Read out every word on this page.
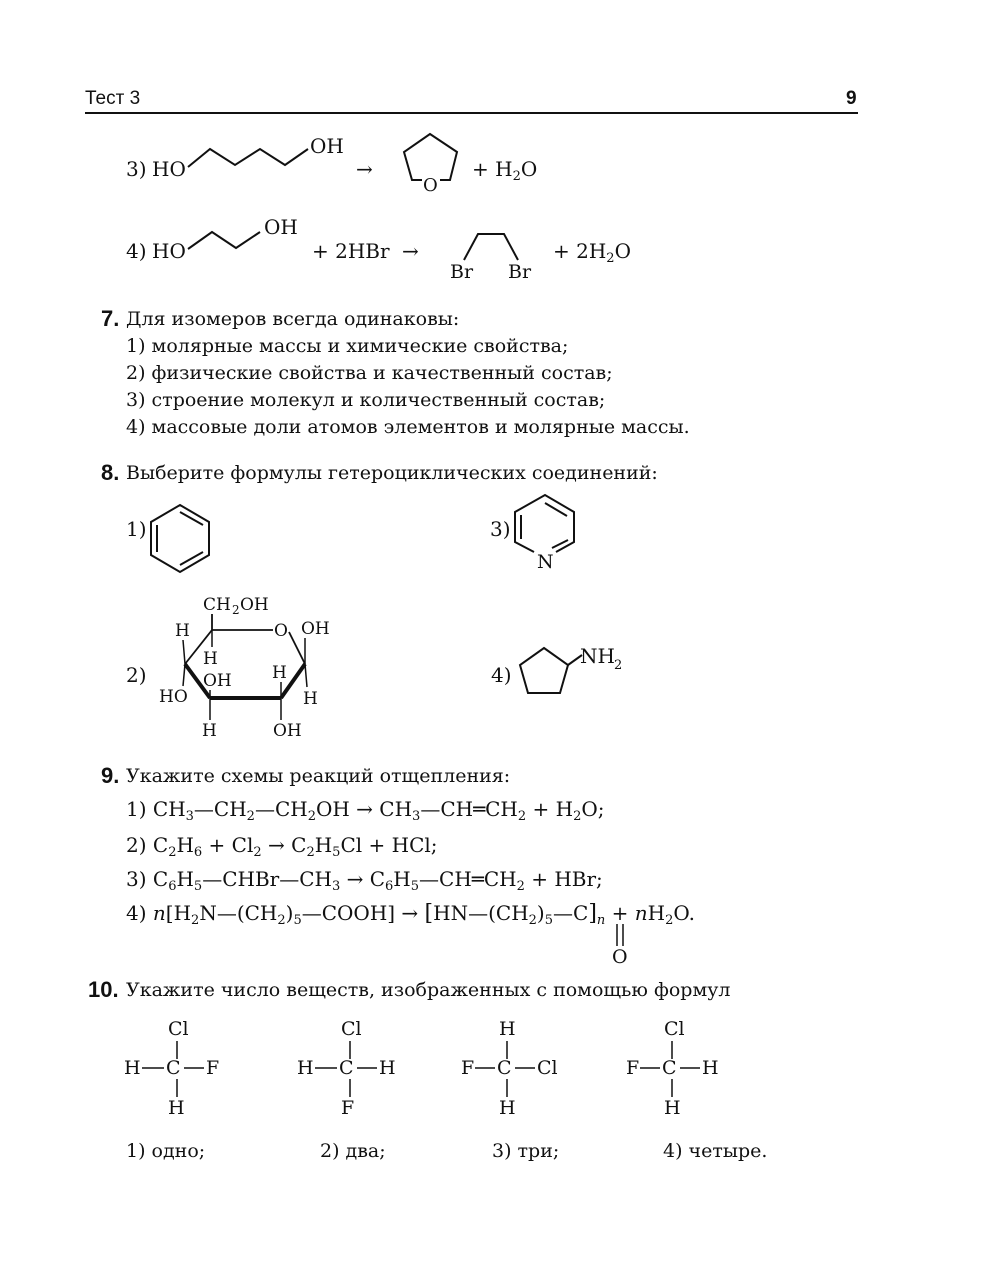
Тест 3	9
3) HO
OH
→
O
+ $H_2O$
4) HO
OH
+ 2HBr →
Br Br
+ $2H_2O$
7. Для изомеров всегда одинаковы:
1) молярные массы и химические свойства;
2) физические свойства и качественный состав;
3) строение молекул и количественный состав;
4) массовые доли атомов элементов и молярные массы.
8. Выберите формулы гетероциклических соединений:
1)	3)
N
2)
CH 2 OH
O
H
H
OH
H
H
HO
OH
H	OH
4)
NH 2
9. Укажите схемы реакций отщепления:
1) $CH_3—CH_2—CH_2OH$ → $CH_3—CH═CH_2 + H_2O$;
2) $C_2H_6 + Cl_2 \to C_2H_5Cl$ + HCl;
3) $C_6H_5—CHBr—CH_3$ → $C_6H_5—CH═CH_2$ + HBr;
4) $n[H_2N—(CH_2)_5—COOH]$ → $[HN—(CH_2)_5—C]_n + nH_2O$.
O
10. Укажите число веществ, изображенных с помощью формул
Cl
H C F
H
Cl
H C H
F
H
F C Cl
H
Cl
F C H
H
1) одно;	2) два;	3) три;	4) четыре.
